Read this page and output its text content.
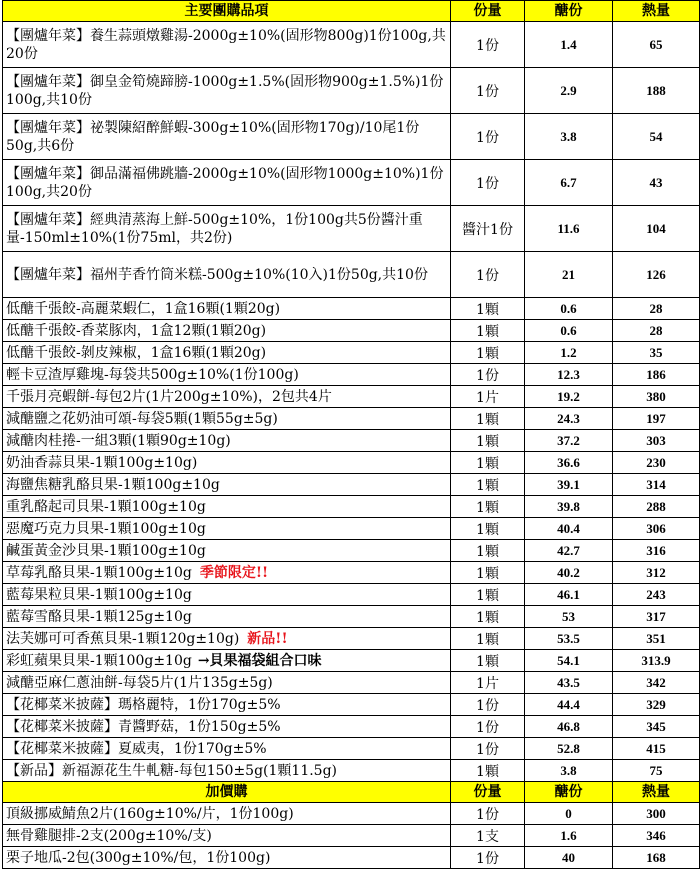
主要團購品項	份量	醣份	熱量
【團爐年菜】養生蒜頭燉雞湯-2000g±10%(固形物800g)1份100g,共20份	1份	1.4	65
【團爐年菜】御皇金筍燒蹄膀-1000g±1.5%(固形物900g±1.5%)1份100g,共10份	1份	2.9	188
【團爐年菜】祕製陳紹醉鮮蝦-300g±10%(固形物170g)/10尾1份50g,共6份	1份	3.8	54
【團爐年菜】御品滿福佛跳牆-2000g±10%(固形物1000g±10%)1份100g,共20份	1份	6.7	43
【團爐年菜】經典清蒸海上鮮-500g±10%，1份100g共5份醬汁重量-150ml±10%(1份75ml，共2份)	醬汁1份	11.6	104
【團爐年菜】福州芋香竹筒米糕-500g±10%(10入)1份50g,共10份	1份	21	126
低醣千張餃-高麗菜蝦仁，1盒16顆(1顆20g)	1顆	0.6	28
低醣千張餃-香菜豚肉，1盒12顆(1顆20g)	1顆	0.6	28
低醣千張餃-剝皮辣椒，1盒16顆(1顆20g)	1顆	1.2	35
輕卡豆渣厚雞塊-每袋共500g±10%(1份100g)	1份	12.3	186
千張月亮蝦餅-每包2片(1片200g±10%)，2包共4片	1片	19.2	380
減醣鹽之花奶油可頌-每袋5顆(1顆55g±5g)	1顆	24.3	197
減醣肉桂捲-一組3顆(1顆90g±10g)	1顆	37.2	303
奶油香蒜貝果-1顆100g±10g)	1顆	36.6	230
海鹽焦糖乳酪貝果-1顆100g±10g	1顆	39.1	314
重乳酪起司貝果-1顆100g±10g	1顆	39.8	288
惡魔巧克力貝果-1顆100g±10g	1顆	40.4	306
鹹蛋黃金沙貝果-1顆100g±10g	1顆	42.7	316
草莓乳酪貝果-1顆100g±10g 季節限定!!	1顆	40.2	312
藍莓果粒貝果-1顆100g±10g	1顆	46.1	243
藍莓雪酪貝果-1顆125g±10g	1顆	53	317
法芙娜可可香蕉貝果-1顆120g±10g) 新品!!	1顆	53.5	351
彩虹蘋果貝果-1顆100g±10g →貝果福袋組合口味	1顆	54.1	313.9
減醣亞麻仁蔥油餅-每袋5片(1片135g±5g)	1片	43.5	342
【花椰菜米披薩】瑪格麗特，1份170g±5%	1份	44.4	329
【花椰菜米披薩】青醬野菇，1份150g±5%	1份	46.8	345
【花椰菜米披薩】夏威夷，1份170g±5%	1份	52.8	415
【新品】新福源花生牛軋糖-每包150±5g(1顆11.5g)	1顆	3.8	75
加價購	份量	醣份	熱量
頂級挪威鯖魚2片(160g±10%/片，1份100g)	1份	0	300
無骨雞腿排-2支(200g±10%/支)	1支	1.6	346
栗子地瓜-2包(300g±10%/包，1份100g)	1份	40	168
